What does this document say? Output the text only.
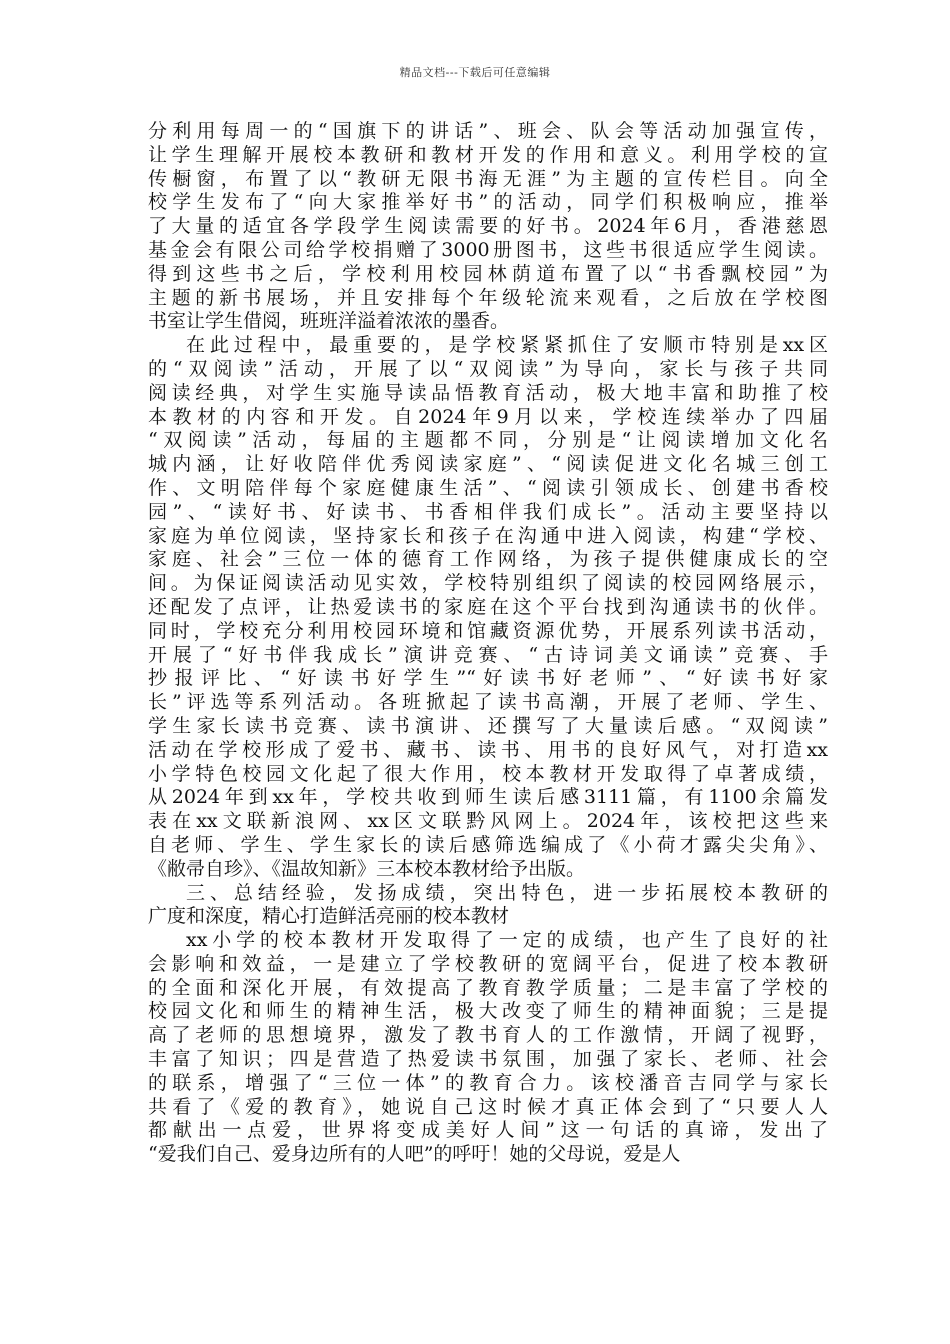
精品文档---下载后可任意编辑
分利用每周一的“国旗下的讲话”、班会、队会等活动加强宣传，
让学生理解开展校本教研和教材开发的作用和意义。利用学校的宣
传橱窗，布置了以“教研无限书海无涯”为主题的宣传栏目。向全
校学生发布了“向大家推举好书”的活动，同学们积极响应，推举
了大量的适宜各学段学生阅读需要的好书。2024年6月，香港慈恩
基金会有限公司给学校捐赠了3000册图书，这些书很适应学生阅读。
得到这些书之后，学校利用校园林荫道布置了以“书香飘校园”为
主题的新书展场，并且安排每个年级轮流来观看，之后放在学校图
书室让学生借阅，班班洋溢着浓浓的墨香。
在此过程中，最重要的，是学校紧紧抓住了安顺市特别是xx区
的“双阅读”活动，开展了以“双阅读”为导向，家长与孩子共同
阅读经典，对学生实施导读品悟教育活动，极大地丰富和助推了校
本教材的内容和开发。自2024年9月以来，学校连续举办了四届
“双阅读”活动，每届的主题都不同，分别是“让阅读增加文化名
城内涵，让好收陪伴优秀阅读家庭”、“阅读促进文化名城三创工
作、文明陪伴每个家庭健康生活”、“阅读引领成长、创建书香校
园”、“读好书、好读书、书香相伴我们成长”。活动主要坚持以
家庭为单位阅读，坚持家长和孩子在沟通中进入阅读，构建“学校、
家庭、社会”三位一体的德育工作网络，为孩子提供健康成长的空
间。为保证阅读活动见实效，学校特别组织了阅读的校园网络展示，
还配发了点评，让热爱读书的家庭在这个平台找到沟通读书的伙伴。
同时，学校充分利用校园环境和馆藏资源优势，开展系列读书活动，
开展了“好书伴我成长”演讲竞赛、“古诗词美文诵读”竞赛、手
抄报评比、“好读书好学生”“好读书好老师”、“好读书好家
长”评选等系列活动。各班掀起了读书高潮，开展了老师、学生、
学生家长读书竞赛、读书演讲、还撰写了大量读后感。“双阅读”
活动在学校形成了爱书、藏书、读书、用书的良好风气，对打造xx
小学特色校园文化起了很大作用，校本教材开发取得了卓著成绩，
从2024年到xx年，学校共收到师生读后感3111篇，有1100余篇发
表在xx文联新浪网、xx区文联黔风网上。2024年，该校把这些来
自老师、学生、学生家长的读后感筛选编成了《小荷才露尖尖角》、
《敝帚自珍》、《温故知新》三本校本教材给予出版。
三、总结经验，发扬成绩，突出特色，进一步拓展校本教研的
广度和深度，精心打造鲜活亮丽的校本教材
xx小学的校本教材开发取得了一定的成绩，也产生了良好的社
会影响和效益，一是建立了学校教研的宽阔平台，促进了校本教研
的全面和深化开展，有效提高了教育教学质量；二是丰富了学校的
校园文化和师生的精神生活，极大改变了师生的精神面貌；三是提
高了老师的思想境界，激发了教书育人的工作激情，开阔了视野，
丰富了知识；四是营造了热爱读书氛围，加强了家长、老师、社会
的联系，增强了“三位一体”的教育合力。该校潘音吉同学与家长
共看了《爱的教育》，她说自己这时候才真正体会到了“只要人人
都献出一点爱，世界将变成美好人间”这一句话的真谛，发出了
“爱我们自己、爱身边所有的人吧”的呼吁！她的父母说，爱是人
